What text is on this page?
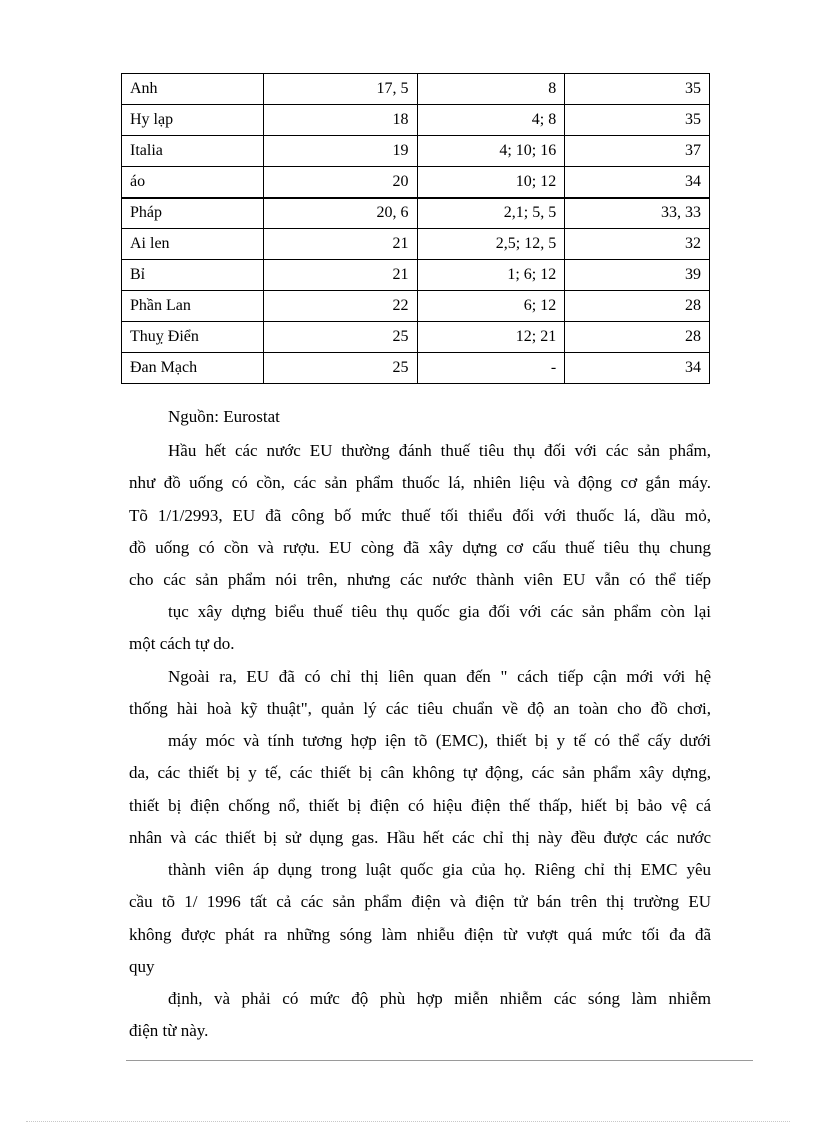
Anh	17, 5	8	35
Hy lạp	18	4; 8	35
Italia	19	4; 10; 16	37
áo	20	10; 12	34
Pháp	20, 6	2,1; 5, 5	33, 33
Ai len	21	2,5; 12, 5	32
Bỉ	21	1; 6; 12	39
Phần Lan	22	6; 12	28
Thuỵ Điển	25	12; 21	28
Đan Mạch	25	-	34
Nguồn: Eurostat
Hầu hết các nước EU thường đánh thuế tiêu thụ đối với các sản phẩm,
như đồ uống có cồn, các sản phẩm thuốc lá, nhiên liệu và động cơ gắn máy.
Tõ 1/1/2993, EU đã công bố mức thuế tối thiểu đối với thuốc lá, dầu mỏ,
đồ uống có cồn và rượu. EU còng đã xây dựng cơ cấu thuế tiêu thụ chung
cho các sản phẩm nói trên, nhưng các nước thành viên EU vẫn có thể tiếp
tục xây dựng biểu thuế tiêu thụ quốc gia đối với các sản phẩm còn lại
một cách tự do.
Ngoài ra, EU đã có chỉ thị liên quan đến " cách tiếp cận mới với hệ
thống hài hoà kỹ thuật", quản lý các tiêu chuẩn về độ an toàn cho đồ chơi,
máy móc và tính tương hợp iện tõ (EMC), thiết bị y tế có thể cấy dưới
da, các thiết bị y tế, các thiết bị cân không tự động, các sản phẩm xây dựng,
thiết bị điện chống nổ, thiết bị điện có hiệu điện thế thấp, hiết bị bảo vệ cá
nhân và các thiết bị sử dụng gas. Hầu hết các chỉ thị này đều được các nước
thành viên áp dụng trong luật quốc gia của họ. Riêng chỉ thị EMC yêu
cầu tõ 1/ 1996 tất cả các sản phẩm điện và điện tử bán trên thị trường EU
không được phát ra những sóng làm nhiễu điện từ vượt quá mức tối đa đã
quy
định, và phải có mức độ phù hợp miễn nhiễm các sóng làm nhiễm
điện từ này.
